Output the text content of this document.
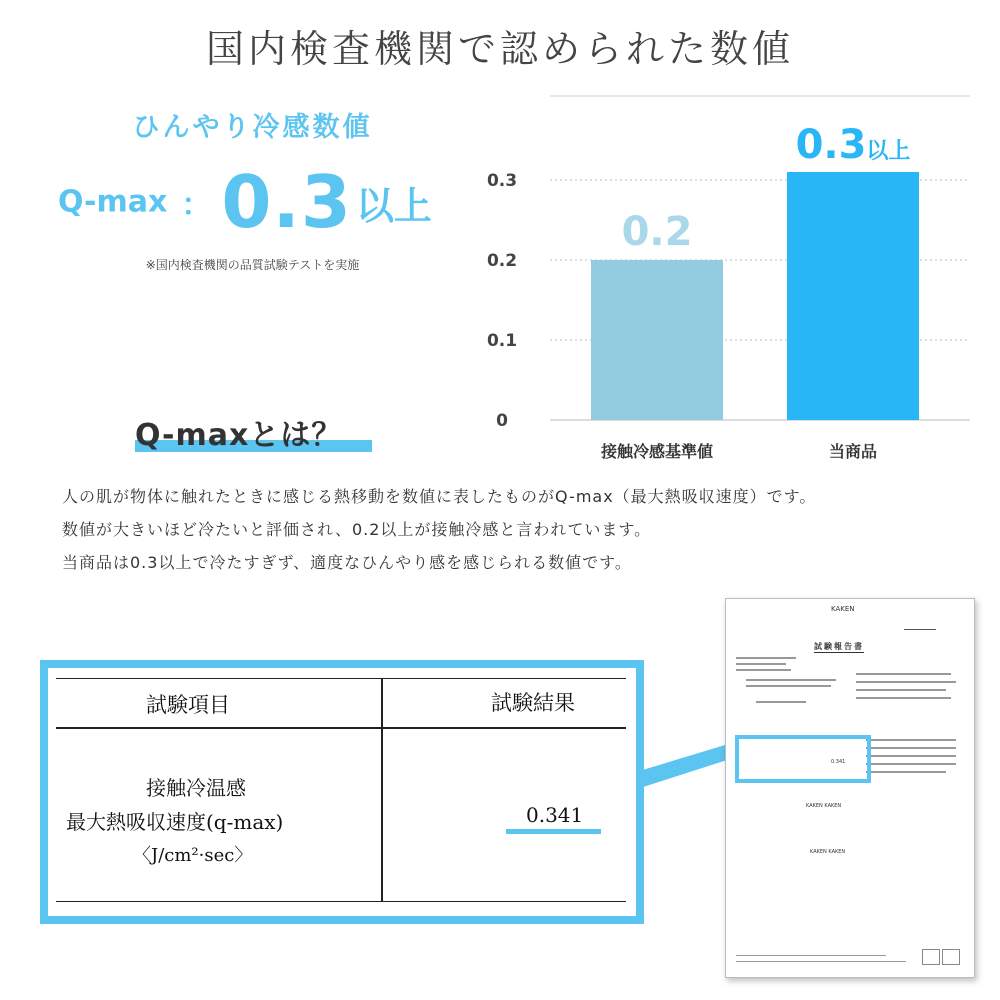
国内検査機関で認められた数値
ひんやり冷感数値
Q-max ： 0.3 以上
※国内検査機関の品質試験テストを実施
0
0.1
0.2
0.3
接触冷感基準値
0.2
当商品
0.3以上
Q-maxとは？
人の肌が物体に触れたときに感じる熱移動を数値に表したものがQ-max（最大熱吸収速度）です。
数値が大きいほど冷たいと評価され、0.2以上が接触冷感と言われています。
当商品は0.3以上で冷たすぎず、適度なひんやり感を感じられる数値です。
試験項目	試験結果
接触冷温感
最大熱吸収速度(q-max)
〈J/cm²·sec〉
0.341
KAKEN

試験報告書
0.341
KAKEN KAKEN
KAKEN KAKEN
